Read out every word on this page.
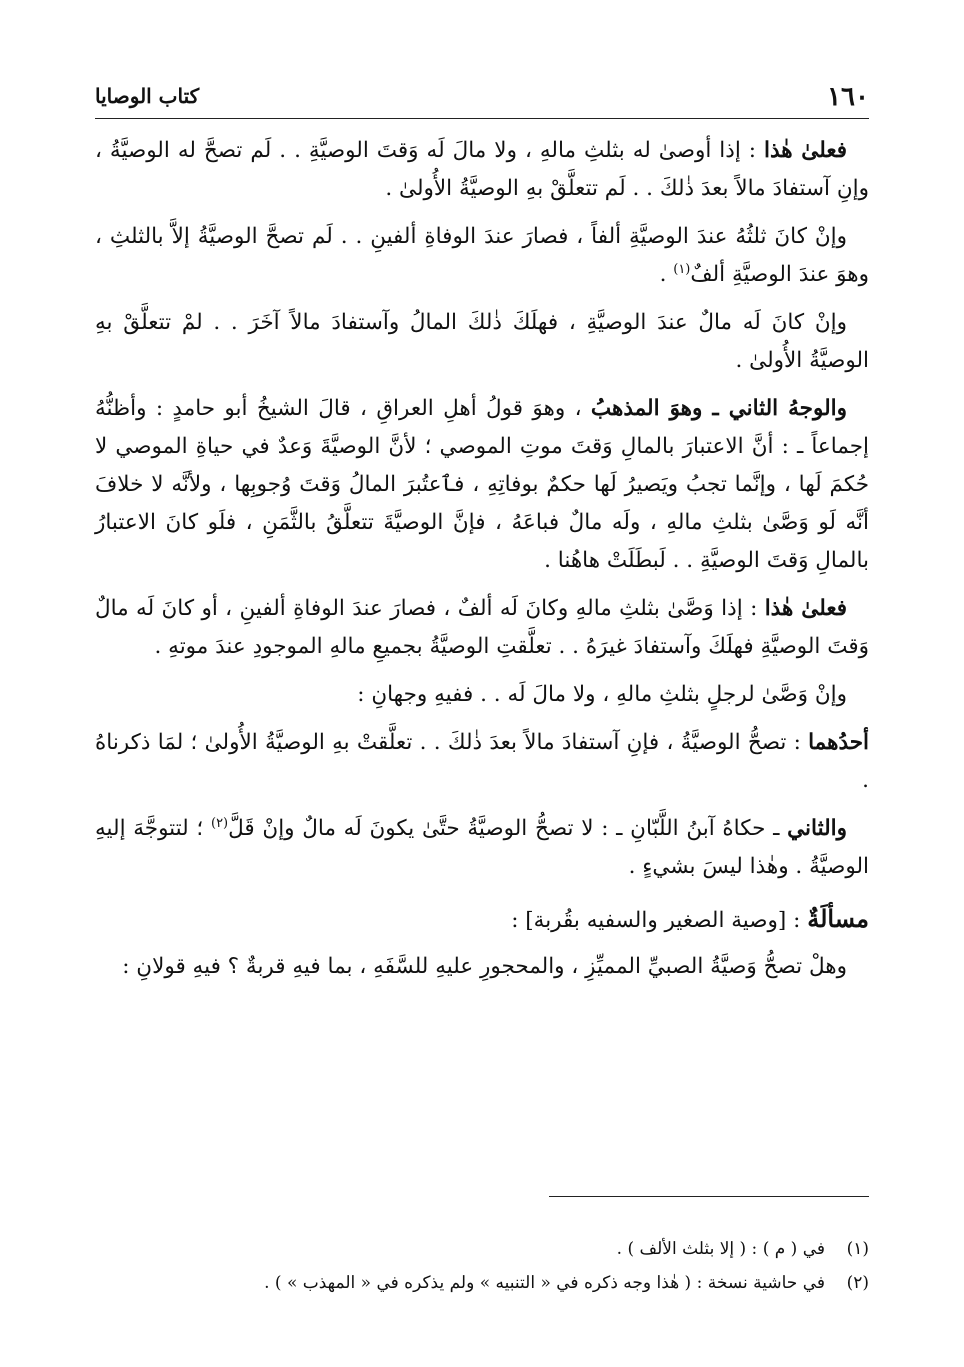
١٦٠
كتاب الوصايا

فعلىٰ هٰذا : إذا أوصىٰ له بثلثِ مالهِ ، ولا مالَ لَه وَقتَ الوصيَّةِ . . لَم تصحَّ له الوصيَّةُ ، وإنِ آستفادَ مالاً بعدَ ذٰلكَ . . لَم تتعلَّقْ بهِ الوصيَّةُ الأُولىٰ .

وإنْ كانَ ثلثُهُ عندَ الوصيَّةِ ألفاً ، فصارَ عندَ الوفاةِ ألفينِ . . لَم تصحَّ الوصيَّةُ إلاَّ بالثلثِ ، وهوَ عندَ الوصيَّةِ ألفٌ$^{(١)}$ .

وإنْ كانَ لَه مالٌ عندَ الوصيَّةِ ، فهلَكَ ذٰلكَ المالُ وآستفادَ مالاً آخَرَ . . لمْ تتعلَّقْ بهِ الوصيَّةُ الأُولىٰ .

والوجهُ الثاني ـ وهوَ المذهبُ ، وهوَ قولُ أهلِ العراقِ ، قالَ الشيخُ أبو حامدٍ : وأظنُّهُ إجماعاً ـ : أنَّ الاعتبارَ بالمالِ وَقتَ موتِ الموصي ؛ لأنَّ الوصيَّةَ وَعدٌ في حياةِ الموصي لا حُكمَ لَها ، وإنَّما تجبُ ويَصيرُ لَها حكمٌ بوفاتِهِ ، فٱعتُبرَ المالُ وَقتَ وُجوبِها ، ولأنَّه لا خلافَ أنَّه لَو وَصَّىٰ بثلثِ مالهِ ، ولَه مالٌ فباعَهُ ، فإنَّ الوصيَّةَ تتعلَّقُ بالثَّمَنِ ، فلَو كانَ الاعتبارُ بالمالِ وَقتَ الوصيَّةِ . . لَبطَلَتْ هاهُنا .

فعلىٰ هٰذا : إذا وَصَّىٰ بثلثِ مالهِ وكانَ لَه ألفٌ ، فصارَ عندَ الوفاةِ ألفينِ ، أو كانَ لَه مالٌ وَقتَ الوصيَّةِ فهلَكَ وآستفادَ غيرَهُ . . تعلَّقتِ الوصيَّةُ بجميعِ مالهِ الموجودِ عندَ موتهِ .

وإنْ وَصَّىٰ لرجلٍ بثلثِ مالهِ ، ولا مالَ لَه . . ففيهِ وجهانِ :

أحدُهما : تصحُّ الوصيَّةُ ، فإنِ آستفادَ مالاً بعدَ ذٰلكَ . . تعلَّقتْ بهِ الوصيَّةُ الأُولىٰ ؛ لمَا ذكرناهُ .

والثاني ـ حكاهُ آبنُ اللَّبّانِ ـ : لا تصحُّ الوصيَّةُ حتَّىٰ يكونَ لَه مالٌ وإنْ قَلَّ$^{(٢)}$ ؛ لتتوجَّهَ إليهِ الوصيَّةُ . وهٰذا ليسَ بشيءٍ .

مسألَةٌ : [وصية الصغير والسفيه بقُربة] :

وهلْ تصحُّ وَصيَّةُ الصبيِّ المميِّزِ ، والمحجورِ عليهِ للسَّفَهِ ، بما فيهِ قربةٌ ؟ فيهِ قولانِ :

(١)في ( م ) : ( إلا بثلث الألف ) .
(٢)في حاشية نسخة : ( هٰذا وجه ذكره في « التنبيه » ولم يذكره في « المهذب » ) .
